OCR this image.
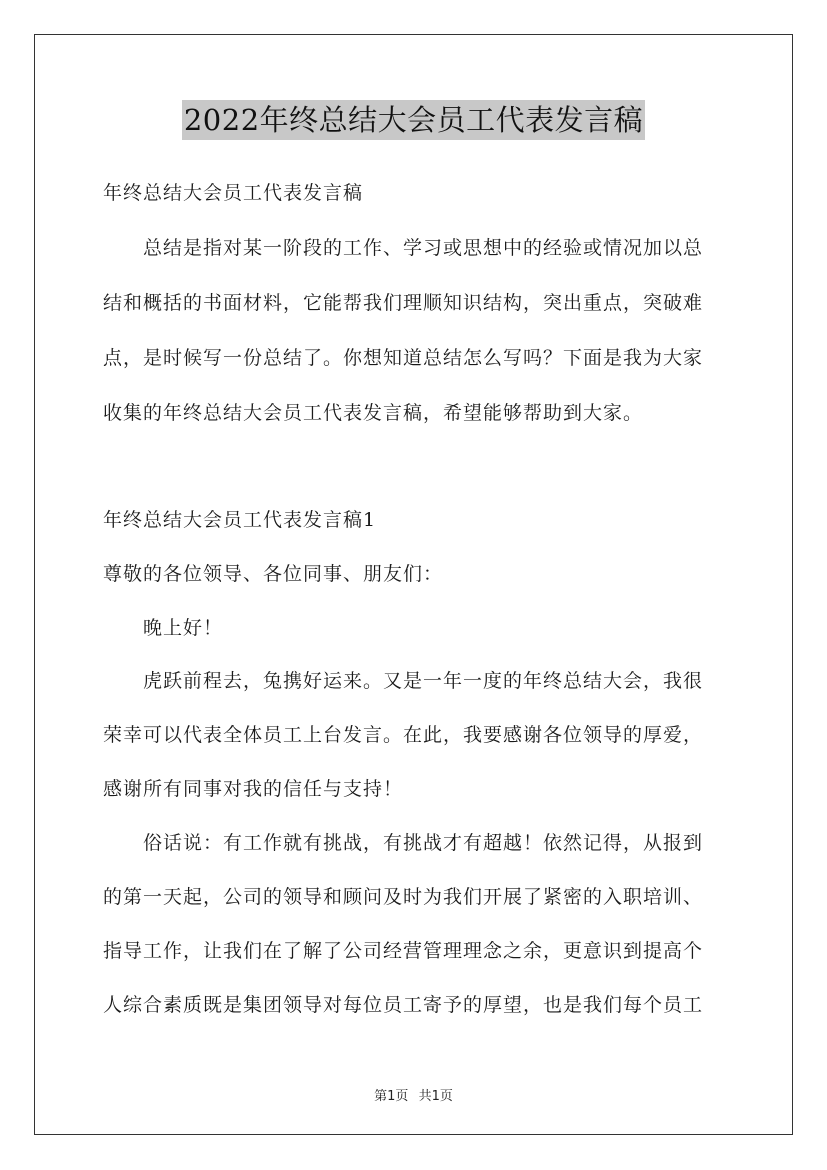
2022年终总结大会员工代表发言稿
年终总结大会员工代表发言稿
总结是指对某一阶段的工作、学习或思想中的经验或情况加以总
结和概括的书面材料，它能帮我们理顺知识结构，突出重点，突破难
点，是时候写一份总结了。你想知道总结怎么写吗？下面是我为大家
收集的年终总结大会员工代表发言稿，希望能够帮助到大家。
年终总结大会员工代表发言稿1
尊敬的各位领导、各位同事、朋友们：
晚上好！
虎跃前程去，兔携好运来。又是一年一度的年终总结大会，我很
荣幸可以代表全体员工上台发言。在此，我要感谢各位领导的厚爱，
感谢所有同事对我的信任与支持！
俗话说：有工作就有挑战，有挑战才有超越！依然记得，从报到
的第一天起，公司的领导和顾问及时为我们开展了紧密的入职培训、
指导工作，让我们在了解了公司经营管理理念之余，更意识到提高个
人综合素质既是集团领导对每位员工寄予的厚望，也是我们每个员工
第1页 共1页
